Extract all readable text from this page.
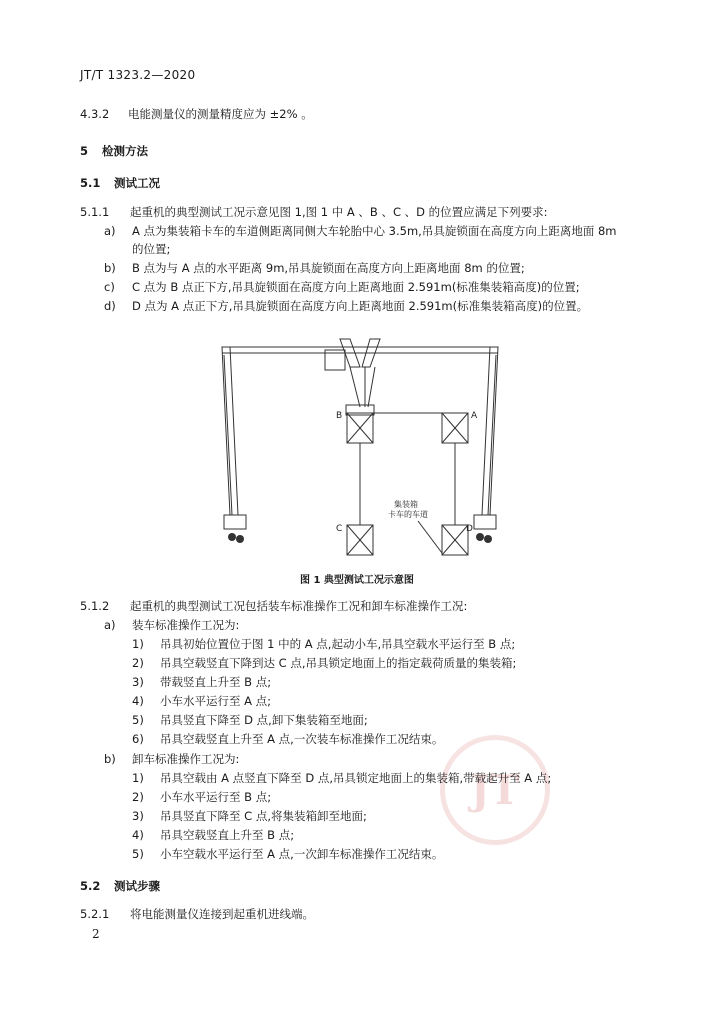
JT/T 1323.2—2020
4.3.2 电能测量仪的测量精度应为 ±2% 。
5 检测方法
5.1 测试工况
5.1.1 起重机的典型测试工况示意见图 1,图 1 中 A 、B 、C 、D 的位置应满足下列要求:
a) A 点为集装箱卡车的车道侧距离同侧大车轮胎中心 3.5m,吊具旋锁面在高度方向上距离地面 8m
的位置;
b) B 点为与 A 点的水平距离 9m,吊具旋锁面在高度方向上距离地面 8m 的位置;
c) C 点为 B 点正下方,吊具旋锁面在高度方向上距离地面 2.591m(标准集装箱高度)的位置;
d) D 点为 A 点正下方,吊具旋锁面在高度方向上距离地面 2.591m(标准集装箱高度)的位置。
B	A
C	D
集装箱
卡车的车道
图 1 典型测试工况示意图
JT
5.1.2 起重机的典型测试工况包括装车标准操作工况和卸车标准操作工况:
a) 装车标准操作工况为:
1) 吊具初始位置位于图 1 中的 A 点,起动小车,吊具空载水平运行至 B 点;
2) 吊具空载竖直下降到达 C 点,吊具锁定地面上的指定载荷质量的集装箱;
3) 带载竖直上升至 B 点;
4) 小车水平运行至 A 点;
5) 吊具竖直下降至 D 点,卸下集装箱至地面;
6) 吊具空载竖直上升至 A 点,一次装车标准操作工况结束。
b) 卸车标准操作工况为:
1) 吊具空载由 A 点竖直下降至 D 点,吊具锁定地面上的集装箱,带载起升至 A 点;
2) 小车水平运行至 B 点;
3) 吊具竖直下降至 C 点,将集装箱卸至地面;
4) 吊具空载竖直上升至 B 点;
5) 小车空载水平运行至 A 点,一次卸车标准操作工况结束。
5.2 测试步骤
5.2.1 将电能测量仪连接到起重机进线端。
2
